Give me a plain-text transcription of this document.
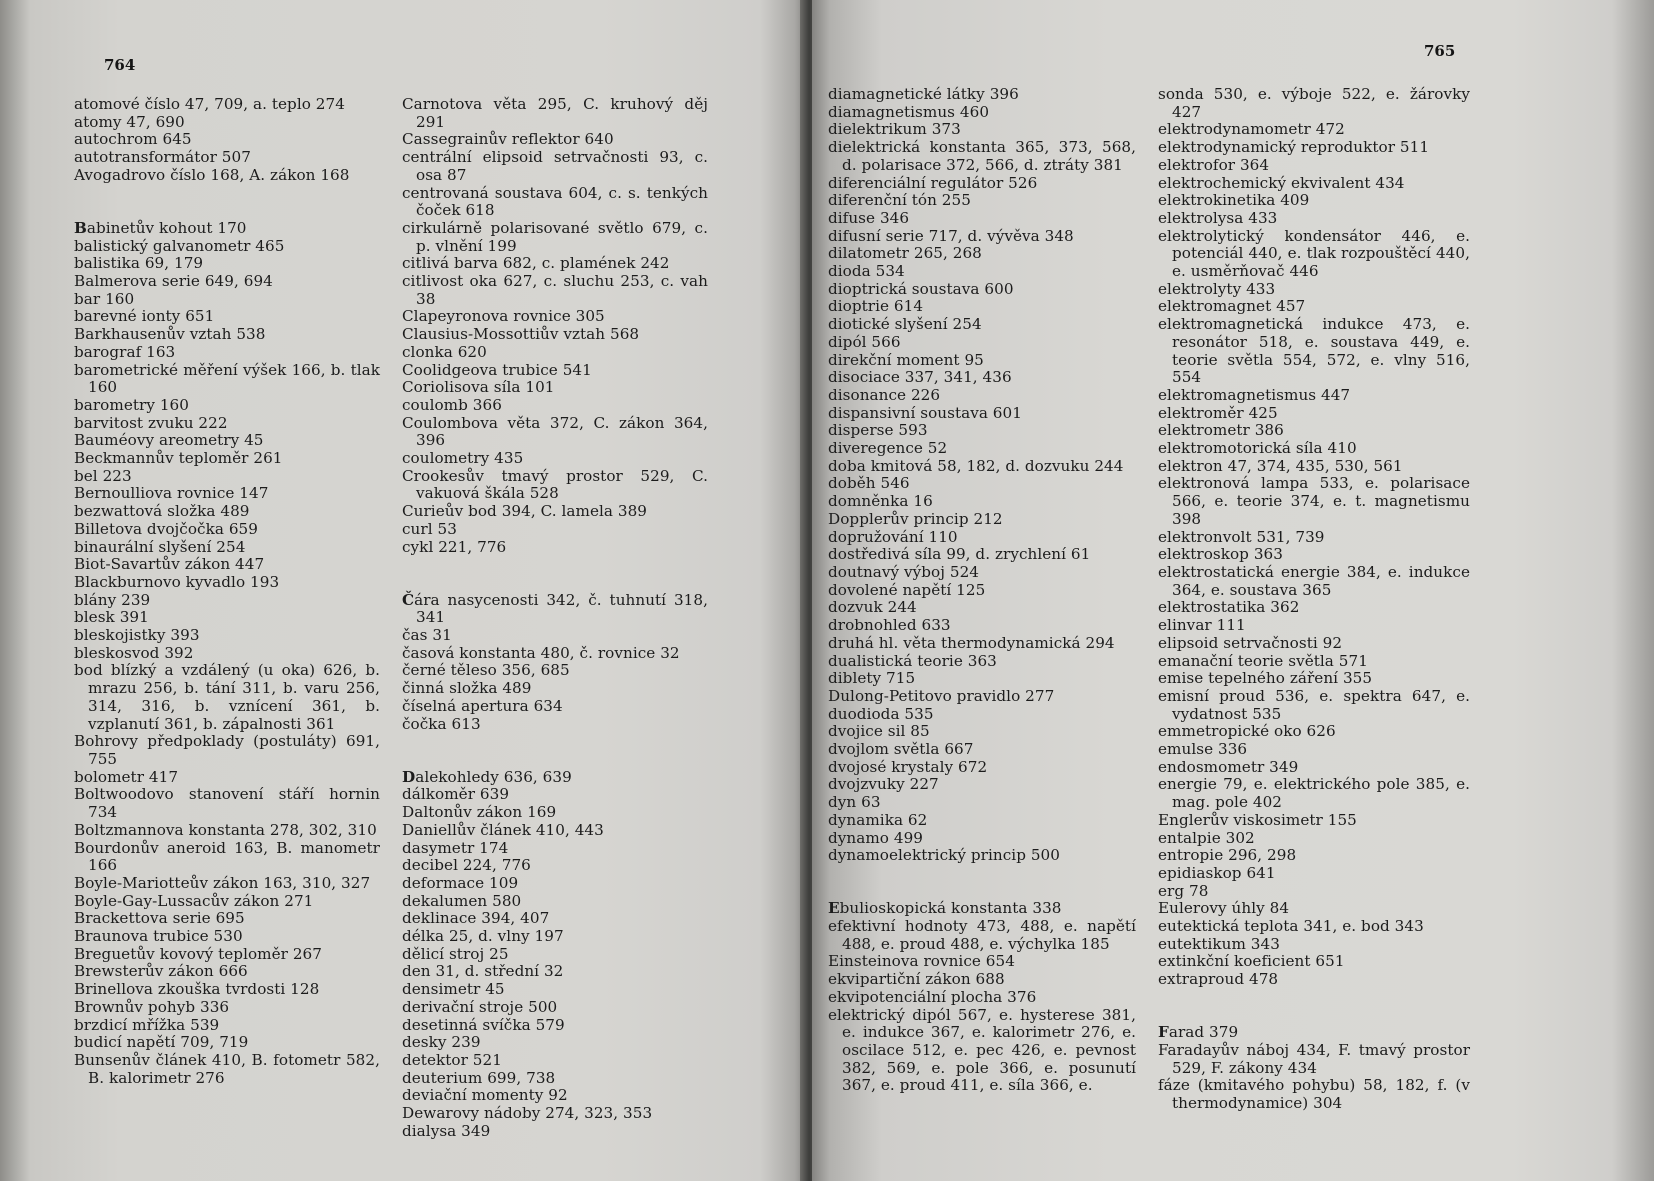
764
atomové číslo 47, 709, a. teplo 274
atomy 47, 690
autochrom 645
autotransformátor 507
Avogadrovo číslo 168, A. zákon 168
Babinetův kohout 170
balistický galvanometr 465
balistika 69, 179
Balmerova serie 649, 694
bar 160
barevné ionty 651
Barkhausenův vztah 538
barograf 163
barometrické měření výšek 166, b. tlak 160
barometry 160
barvitost zvuku 222
Bauméovy areometry 45
Beckmannův teploměr 261
bel 223
Bernoulliova rovnice 147
bezwattová složka 489
Billetova dvojčočka 659
binaurální slyšení 254
Biot-Savartův zákon 447
Blackburnovo kyvadlo 193
blány 239
blesk 391
bleskojistky 393
bleskosvod 392
bod blízký a vzdálený (u oka) 626, b. mrazu 256, b. tání 311, b. varu 256, 314, 316, b. vznícení 361, b. vzplanutí 361, b. zápalnosti 361
Bohrovy předpoklady (postuláty) 691, 755
bolometr 417
Boltwoodovo stanovení stáří hornin 734
Boltzmannova konstanta 278, 302, 310
Bourdonův aneroid 163, B. manometr 166
Boyle-Mariotteův zákon 163, 310, 327
Boyle-Gay-Lussacův zákon 271
Brackettova serie 695
Braunova trubice 530
Breguetův kovový teploměr 267
Brewsterův zákon 666
Brinellova zkouška tvrdosti 128
Brownův pohyb 336
brzdicí mřížka 539
budicí napětí 709, 719
Bunsenův článek 410, B. fotometr 582, B. kalorimetr 276
Carnotova věta 295, C. kruhový děj 291
Cassegrainův reflektor 640
centrální elipsoid setrvačnosti 93, c. osa 87
centrovaná soustava 604, c. s. tenkých čoček 618
cirkulárně polarisované světlo 679, c. p. vlnění 199
citlivá barva 682, c. plamének 242
citlivost oka 627, c. sluchu 253, c. vah 38
Clapeyronova rovnice 305
Clausius-Mossottiův vztah 568
clonka 620
Coolidgeova trubice 541
Coriolisova síla 101
coulomb 366
Coulombova věta 372, C. zákon 364, 396
coulometry 435
Crookesův tmavý prostor 529, C. vakuová škála 528
Curieův bod 394, C. lamela 389
curl 53
cykl 221, 776
Čára nasycenosti 342, č. tuhnutí 318, 341
čas 31
časová konstanta 480, č. rovnice 32
černé těleso 356, 685
činná složka 489
číselná apertura 634
čočka 613
Dalekohledy 636, 639
dálkoměr 639
Daltonův zákon 169
Daniellův článek 410, 443
dasymetr 174
decibel 224, 776
deformace 109
dekalumen 580
deklinace 394, 407
délka 25, d. vlny 197
dělicí stroj 25
den 31, d. střední 32
densimetr 45
derivační stroje 500
desetinná svíčka 579
desky 239
detektor 521
deuterium 699, 738
deviační momenty 92
Dewarovy nádoby 274, 323, 353
dialysa 349
765
diamagnetické látky 396
diamagnetismus 460
dielektrikum 373
dielektrická konstanta 365, 373, 568, d. polarisace 372, 566, d. ztráty 381
diferenciální regulátor 526
diferenční tón 255
difuse 346
difusní serie 717, d. vývěva 348
dilatometr 265, 268
dioda 534
dioptrická soustava 600
dioptrie 614
diotické slyšení 254
dipól 566
direkční moment 95
disociace 337, 341, 436
disonance 226
dispansivní soustava 601
disperse 593
diveregence 52
doba kmitová 58, 182, d. dozvuku 244
doběh 546
domněnka 16
Dopplerův princip 212
dopružování 110
dostředivá síla 99, d. zrychlení 61
doutnavý výboj 524
dovolené napětí 125
dozvuk 244
drobnohled 633
druhá hl. věta thermodynamická 294
dualistická teorie 363
diblety 715
Dulong-Petitovo pravidlo 277
duodioda 535
dvojice sil 85
dvojlom světla 667
dvojosé krystaly 672
dvojzvuky 227
dyn 63
dynamika 62
dynamo 499
dynamoelektrický princip 500
Ebulioskopická konstanta 338
efektivní hodnoty 473, 488, e. napětí 488, e. proud 488, e. výchylka 185
Einsteinova rovnice 654
ekvipartiční zákon 688
ekvipotenciální plocha 376
elektrický dipól 567, e. hysterese 381, e. indukce 367, e. kalorimetr 276, e. oscilace 512, e. pec 426, e. pevnost 382, 569, e. pole 366, e. posunutí 367, e. proud 411, e. síla 366, e.
sonda 530, e. výboje 522, e. žárovky 427
elektrodynamometr 472
elektrodynamický reproduktor 511
elektrofor 364
elektrochemický ekvivalent 434
elektrokinetika 409
elektrolysa 433
elektrolytický kondensátor 446, e. potenciál 440, e. tlak rozpouštěcí 440, e. usměrňovač 446
elektrolyty 433
elektromagnet 457
elektromagnetická indukce 473, e. resonátor 518, e. soustava 449, e. teorie světla 554, 572, e. vlny 516, 554
elektromagnetismus 447
elektroměr 425
elektrometr 386
elektromotorická síla 410
elektron 47, 374, 435, 530, 561
elektronová lampa 533, e. polarisace 566, e. teorie 374, e. t. magnetismu 398
elektronvolt 531, 739
elektroskop 363
elektrostatická energie 384, e. indukce 364, e. soustava 365
elektrostatika 362
elinvar 111
elipsoid setrvačnosti 92
emanační teorie světla 571
emise tepelného záření 355
emisní proud 536, e. spektra 647, e. vydatnost 535
emmetropické oko 626
emulse 336
endosmometr 349
energie 79, e. elektrického pole 385, e. mag. pole 402
Englerův viskosimetr 155
entalpie 302
entropie 296, 298
epidiaskop 641
erg 78
Eulerovy úhly 84
eutektická teplota 341, e. bod 343
eutektikum 343
extinkční koeficient 651
extraproud 478
Farad 379
Faradayův náboj 434, F. tmavý prostor 529, F. zákony 434
fáze (kmitavého pohybu) 58, 182, f. (v thermodynamice) 304
